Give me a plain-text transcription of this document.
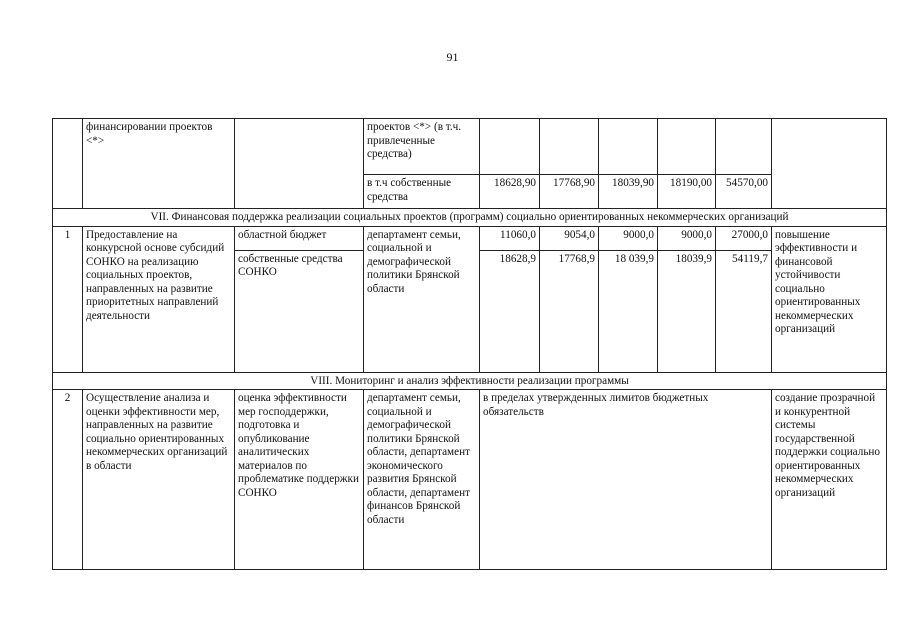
91
	финансировании проектов <*>		проектов <*> (в т.ч. привлеченные средства)						
			в т.ч собственные средства	18628,90	17768,90	18039,90	18190,00	54570,00	
VII. Финансовая поддержка реализации социальных проектов (программ) социально ориентированных некоммерческих организаций									
1	Предоставление на конкурсной основе субсидий СОНКО на реализацию социальных проектов, направленных на развитие приоритетных направлений деятельности	областной бюджет	департамент семьи, социальной и демографической политики Брянской области	11060,0	9054,0	9000,0	9000,0	27000,0	повышение эффективности и финансовой устойчивости социально ориентированных некоммерческих организаций
		собственные средства СОНКО		18628,9	17768,9	18 039,9	18039,9	54119,7	
VIII. Мониторинг и анализ эффективности реализации программы									
2	Осуществление анализа и оценки эффективности мер, направленных на развитие социально ориентированных некоммерческих организаций в области	оценка эффективности мер господдержки, подготовка и опубликование аналитических материалов по проблематике поддержки СОНКО	департамент семьи, социальной и демографической политики Брянской области, департамент экономического развития Брянской области, департамент финансов Брянской области	в пределах утвержденных лимитов бюджетных обязательств					создание прозрачной и конкурентной системы государственной поддержки социально ориентированных некоммерческих организаций
